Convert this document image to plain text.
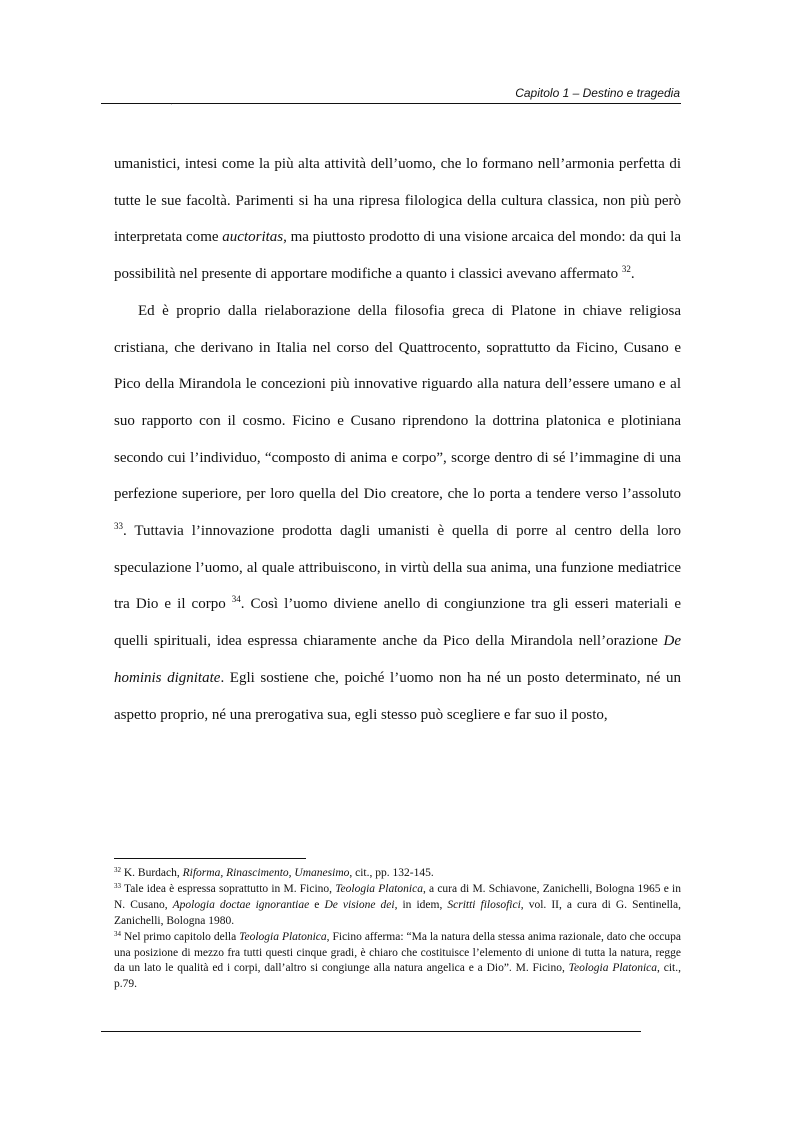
Capitolo 1 – Destino e tragedia
ʹ

umanistici, intesi come la più alta attività dell’uomo, che lo formano nell’armonia perfetta di tutte le sue facoltà. Parimenti si ha una ripresa filologica della cultura classica, non più però interpretata come auctoritas, ma piuttosto prodotto di una visione arcaica del mondo: da qui la possibilità nel presente di apportare modifiche a quanto i classici avevano affermato $^{32}$.

Ed è proprio dalla rielaborazione della filosofia greca di Platone in chiave religiosa cristiana, che derivano in Italia nel corso del Quattrocento, soprattutto da Ficino, Cusano e Pico della Mirandola le concezioni più innovative riguardo alla natura dell’essere umano e al suo rapporto con il cosmo. Ficino e Cusano riprendono la dottrina platonica e plotiniana secondo cui l’individuo, “composto di anima e corpo”, scorge dentro di sé l’immagine di una perfezione superiore, per loro quella del Dio creatore, che lo porta a tendere verso l’assoluto $^{33}$. Tuttavia l’innovazione prodotta dagli umanisti è quella di porre al centro della loro speculazione l’uomo, al quale attribuiscono, in virtù della sua anima, una funzione mediatrice tra Dio e il corpo $^{34}$. Così l’uomo diviene anello di congiunzione tra gli esseri materiali e quelli spirituali, idea espressa chiaramente anche da Pico della Mirandola nell’orazione De hominis dignitate. Egli sostiene che, poiché l’uomo non ha né un posto determinato, né un aspetto proprio, né una prerogativa sua, egli stesso può scegliere e far suo il posto,

$^{32}$ K. Burdach, Riforma, Rinascimento, Umanesimo, cit., pp. 132-145.

$^{33}$ Tale idea è espressa soprattutto in M. Ficino, Teologia Platonica, a cura di M. Schiavone, Zanichelli, Bologna 1965 e in N. Cusano, Apologia doctae ignorantiae e De visione dei, in idem, Scritti filosofici, vol. II, a cura di G. Sentinella, Zanichelli, Bologna 1980.

$^{34}$ Nel primo capitolo della Teologia Platonica, Ficino afferma: “Ma la natura della stessa anima razionale, dato che occupa una posizione di mezzo fra tutti questi cinque gradi, è chiaro che costituisce l’elemento di unione di tutta la natura, regge da un lato le qualità ed i corpi, dall’altro si congiunge alla natura angelica e a Dio”. M. Ficino, Teologia Platonica, cit., p.79.
